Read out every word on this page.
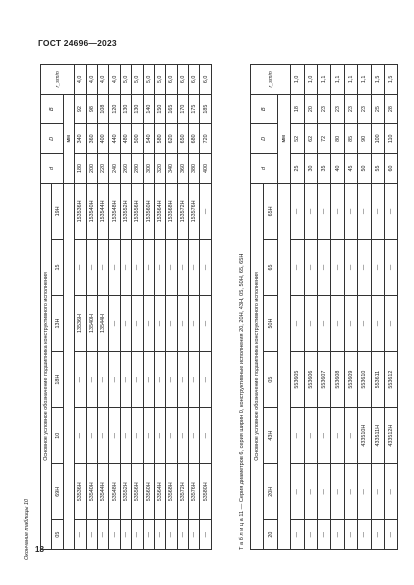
ГОСТ 24696—2023
Окончание таблицы 10 18
Основное условное обозначение подшипника конструктивного исполнения							d	D	B	r_smin
05	69H	10	18H	13H	15	19H				
							мм			
—	53536Н	—	—	13536Н	—	153536Н	180	340	92	4,0
—	53540Н	—	—	13540Н	—	153540Н	200	360	98	4,0
—	53544Н	—	—	13544Н	—	153544Н	220	400	108	4,0
—	53548Н	—	—	—	—	153548Н	240	440	120	4,0
—	53552Н	—	—	—	—	153552Н	260	480	130	5,0
—	53556Н	—	—	—	—	153556Н	280	500	130	5,0
—	53560Н	—	—	—	—	153560Н	300	540	140	5,0
—	53564Н	—	—	—	—	153564Н	320	580	150	5,0
—	53568Н	—	—	—	—	153568Н	340	620	165	6,0
—	53572Н	—	—	—	—	153572Н	360	650	170	6,0
—	53576Н	—	—	—	—	153576Н	380	680	175	6,0
—	53580Н	—	—	—	—	—	400	720	185	6,0
Т а б л и ц а 11 — Серия диаметров 6, серия ширин 0, конструктивные исполнения 20, 20Н, 43Н, 05, 50Н, 65, 65Н Основное условное обозначение подшипника конструктивного исполнения							d	D	B	r_smin
20	20Н	43Н	05	50Н	65	65Н				
							мм			
—	—	—	553605	—	—	—	25	52	18	1,0
—	—	—	553606	—	—	—	30	62	20	1,0
—	—	—	553607	—	—	—	35	72	23	1,1
—	—	—	553608	—	—	—	40	80	23	1,1
—	—	—	553609	—	—	—	45	85	23	1,1
—	—	433510Н	553610	—	—	—	50	90	23	1,1
—	—	433511Н	553611	—	—	—	55	100	25	1,5
—	—	433512Н	553612	—	—	—	60	110	28	1,5
